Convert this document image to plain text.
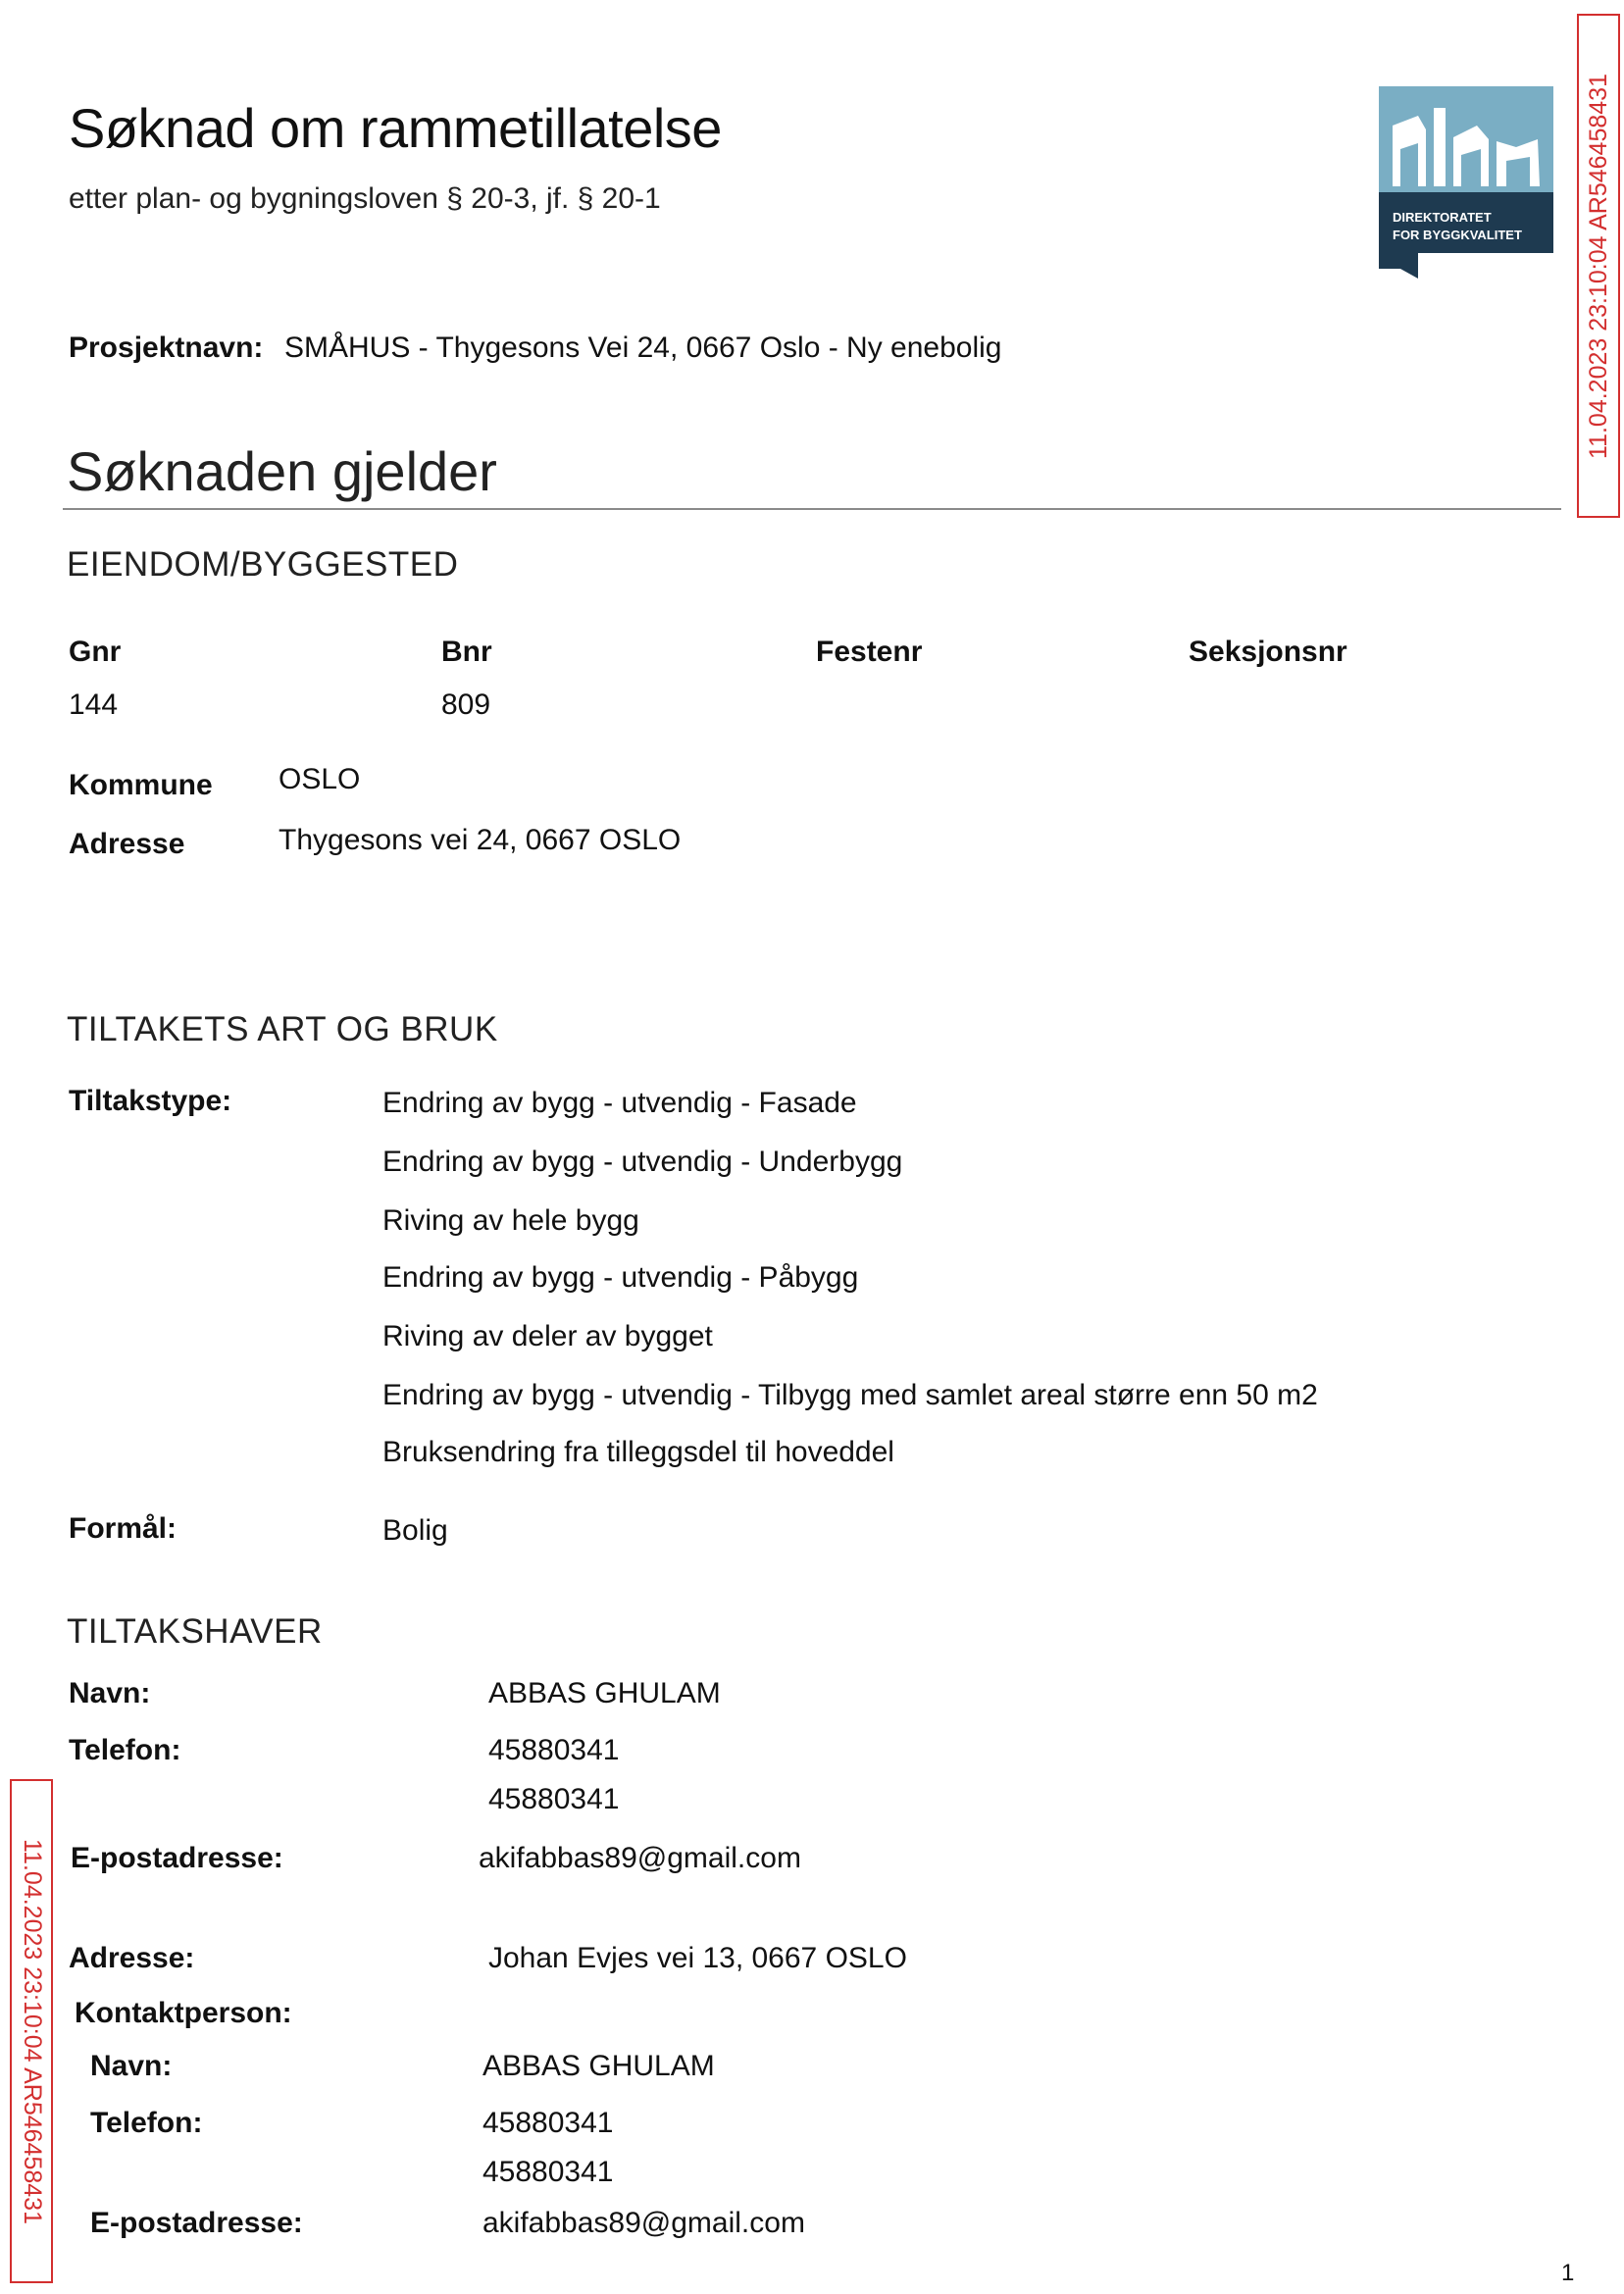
Søknad om rammetillatelse
etter plan- og bygningsloven § 20-3, jf. § 20-1
DIREKTORATET
FOR BYGGKVALITET
Prosjektnavn: SMÅHUS - Thygesons Vei 24, 0667 Oslo - Ny enebolig
Søknaden gjelder
EIENDOM/BYGGESTED
Gnr	Bnr	Festenr	Seksjonsnr
144	809
Kommune OSLO
Adresse	Thygesons vei 24, 0667 OSLO
TILTAKETS ART OG BRUK
Tiltakstype:	Endring av bygg - utvendig - Fasade
Endring av bygg - utvendig - Underbygg
Riving av hele bygg
Endring av bygg - utvendig - Påbygg
Riving av deler av bygget
Endring av bygg - utvendig - Tilbygg med samlet areal større enn 50 m2
Bruksendring fra tilleggsdel til hoveddel
Formål:	Bolig
TILTAKSHAVER
Navn:	ABBAS GHULAM
Telefon:	45880341
45880341
E-postadresse:	akifabbas89@gmail.com
Adresse:	Johan Evjes vei 13, 0667 OSLO
Kontaktperson:
Navn:	ABBAS GHULAM
Telefon:	45880341
45880341
E-postadresse:	akifabbas89@gmail.com
11.04.2023 23:10:04 AR546458431
11.04.2023 23:10:04 AR546458431
1
